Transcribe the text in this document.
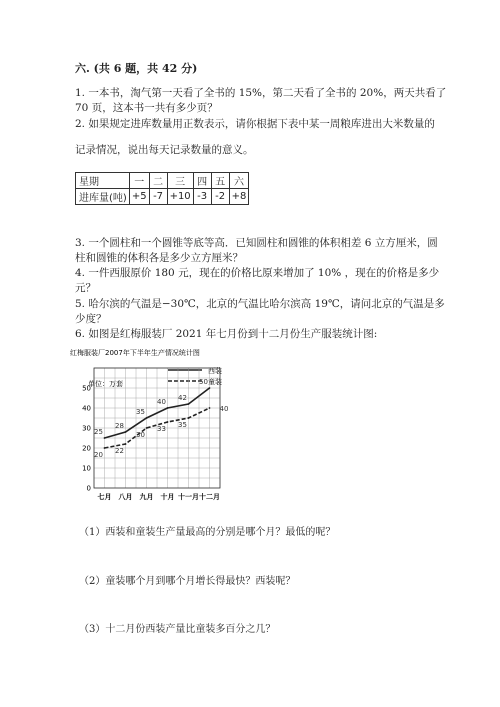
六. (共 6 题，共 42 分)
1. 一本书，淘气第一天看了全书的 15%，第二天看了全书的 20%，两天共看了
70 页，这本书一共有多少页？
2. 如果规定进库数量用正数表示，请你根据下表中某一周粮库进出大米数量的
记录情况，说出每天记录数量的意义。
星期	一	二	三	四	五	六
进库量(吨)	+5	-7	+10	-3	-2	+8
3. 一个圆柱和一个圆锥等底等高．已知圆柱和圆锥的体积相差 6 立方厘米，圆
柱和圆锥的体积各是多少立方厘米？
4. 一件西服原价 180 元，现在的价格比原来增加了 10% ，现在的价格是多少
元？
5. 哈尔滨的气温是−30℃，北京的气温比哈尔滨高 19℃，请问北京的气温是多
少度？
6. 如图是红梅服装厂 2021 年七月份到十二月份生产服装统计图:
红梅服装厂2007年下半年生产情况统计图
单位：万套
西装
童装
0
10
20
30
40
50
七月 八月 九月 十月 十一月 十二月
25
28
35
40 42
50
20 22
30
33 35
40
（1）西装和童装生产量最高的分别是哪个月？最低的呢？
（2）童装哪个月到哪个月增长得最快？西装呢？
（3）十二月份西装产量比童装多百分之几？
